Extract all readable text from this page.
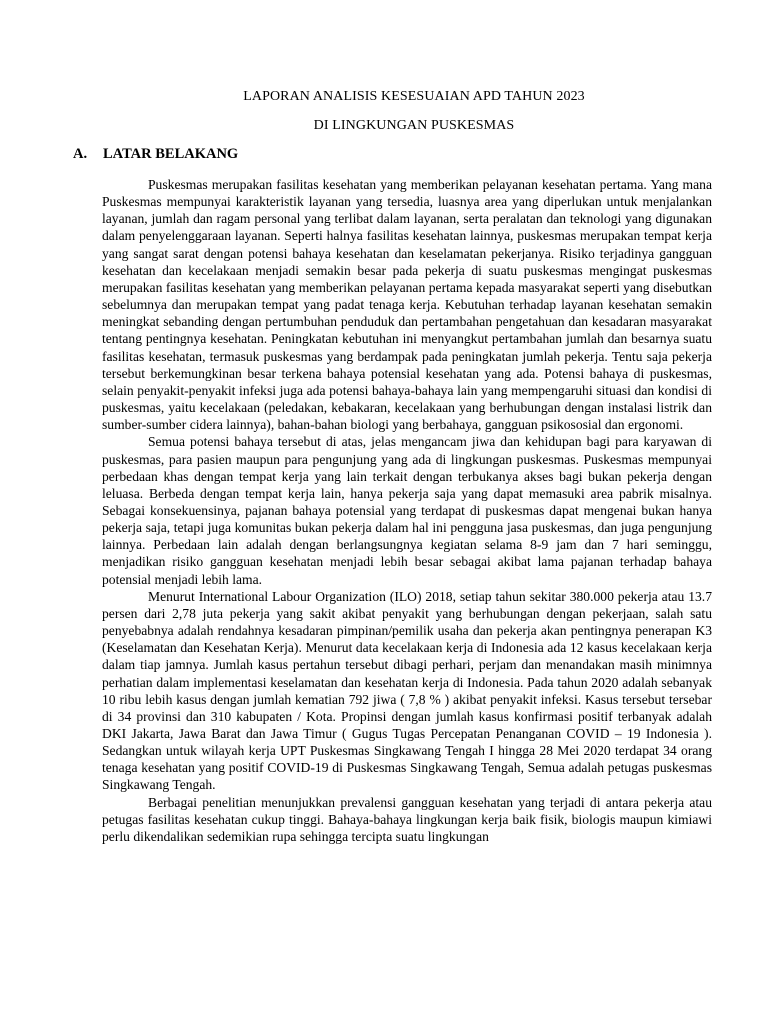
LAPORAN ANALISIS KESESUAIAN APD TAHUN 2023
DI LINGKUNGAN PUSKESMAS
A. LATAR BELAKANG

Puskesmas merupakan fasilitas kesehatan yang memberikan pelayanan kesehatan pertama. Yang mana Puskesmas mempunyai karakteristik layanan yang tersedia, luasnya area yang diperlukan untuk menjalankan layanan, jumlah dan ragam personal yang terlibat dalam layanan, serta peralatan dan teknologi yang digunakan dalam penyelenggaraan layanan. Seperti halnya fasilitas kesehatan lainnya, puskesmas merupakan tempat kerja yang sangat sarat dengan potensi bahaya kesehatan dan keselamatan pekerjanya. Risiko terjadinya gangguan kesehatan dan kecelakaan menjadi semakin besar pada pekerja di suatu puskesmas mengingat puskesmas merupakan fasilitas kesehatan yang memberikan pelayanan pertama kepada masyarakat seperti yang disebutkan sebelumnya dan merupakan tempat yang padat tenaga kerja. Kebutuhan terhadap layanan kesehatan semakin meningkat sebanding dengan pertumbuhan penduduk dan pertambahan pengetahuan dan kesadaran masyarakat tentang pentingnya kesehatan. Peningkatan kebutuhan ini menyangkut pertambahan jumlah dan besarnya suatu fasilitas kesehatan, termasuk puskesmas yang berdampak pada peningkatan jumlah pekerja. Tentu saja pekerja tersebut berkemungkinan besar terkena bahaya potensial kesehatan yang ada. Potensi bahaya di puskesmas, selain penyakit-penyakit infeksi juga ada potensi bahaya-bahaya lain yang mempengaruhi situasi dan kondisi di puskesmas, yaitu kecelakaan (peledakan, kebakaran, kecelakaan yang berhubungan dengan instalasi listrik dan sumber-sumber cidera lainnya), bahan-bahan biologi yang berbahaya, gangguan psikososial dan ergonomi.

Semua potensi bahaya tersebut di atas, jelas mengancam jiwa dan kehidupan bagi para karyawan di puskesmas, para pasien maupun para pengunjung yang ada di lingkungan puskesmas. Puskesmas mempunyai perbedaan khas dengan tempat kerja yang lain terkait dengan terbukanya akses bagi bukan pekerja dengan leluasa. Berbeda dengan tempat kerja lain, hanya pekerja saja yang dapat memasuki area pabrik misalnya. Sebagai konsekuensinya, pajanan bahaya potensial yang terdapat di puskesmas dapat mengenai bukan hanya pekerja saja, tetapi juga komunitas bukan pekerja dalam hal ini pengguna jasa puskesmas, dan juga pengunjung lainnya. Perbedaan lain adalah dengan berlangsungnya kegiatan selama 8-9 jam dan 7 hari seminggu, menjadikan risiko gangguan kesehatan menjadi lebih besar sebagai akibat lama pajanan terhadap bahaya potensial menjadi lebih lama.

Menurut International Labour Organization (ILO) 2018, setiap tahun sekitar 380.000 pekerja atau 13.7 persen dari 2,78 juta pekerja yang sakit akibat penyakit yang berhubungan dengan pekerjaan, salah satu penyebabnya adalah rendahnya kesadaran pimpinan/pemilik usaha dan pekerja akan pentingnya penerapan K3 (Keselamatan dan Kesehatan Kerja). Menurut data kecelakaan kerja di Indonesia ada 12 kasus kecelakaan kerja dalam tiap jamnya. Jumlah kasus pertahun tersebut dibagi perhari, perjam dan menandakan masih minimnya perhatian dalam implementasi keselamatan dan kesehatan kerja di Indonesia. Pada tahun 2020 adalah sebanyak 10 ribu lebih kasus dengan jumlah kematian 792 jiwa ( 7,8 % ) akibat penyakit infeksi. Kasus tersebut tersebar di 34 provinsi dan 310 kabupaten / Kota. Propinsi dengan jumlah kasus konfirmasi positif terbanyak adalah DKI Jakarta, Jawa Barat dan Jawa Timur ( Gugus Tugas Percepatan Penanganan COVID – 19 Indonesia ). Sedangkan untuk wilayah kerja UPT Puskesmas Singkawang Tengah I hingga 28 Mei 2020 terdapat 34 orang tenaga kesehatan yang positif COVID-19 di Puskesmas Singkawang Tengah, Semua adalah petugas puskesmas Singkawang Tengah.

Berbagai penelitian menunjukkan prevalensi gangguan kesehatan yang terjadi di antara pekerja atau petugas fasilitas kesehatan cukup tinggi. Bahaya-bahaya lingkungan kerja baik fisik, biologis maupun kimiawi perlu dikendalikan sedemikian rupa sehingga tercipta suatu lingkungan
